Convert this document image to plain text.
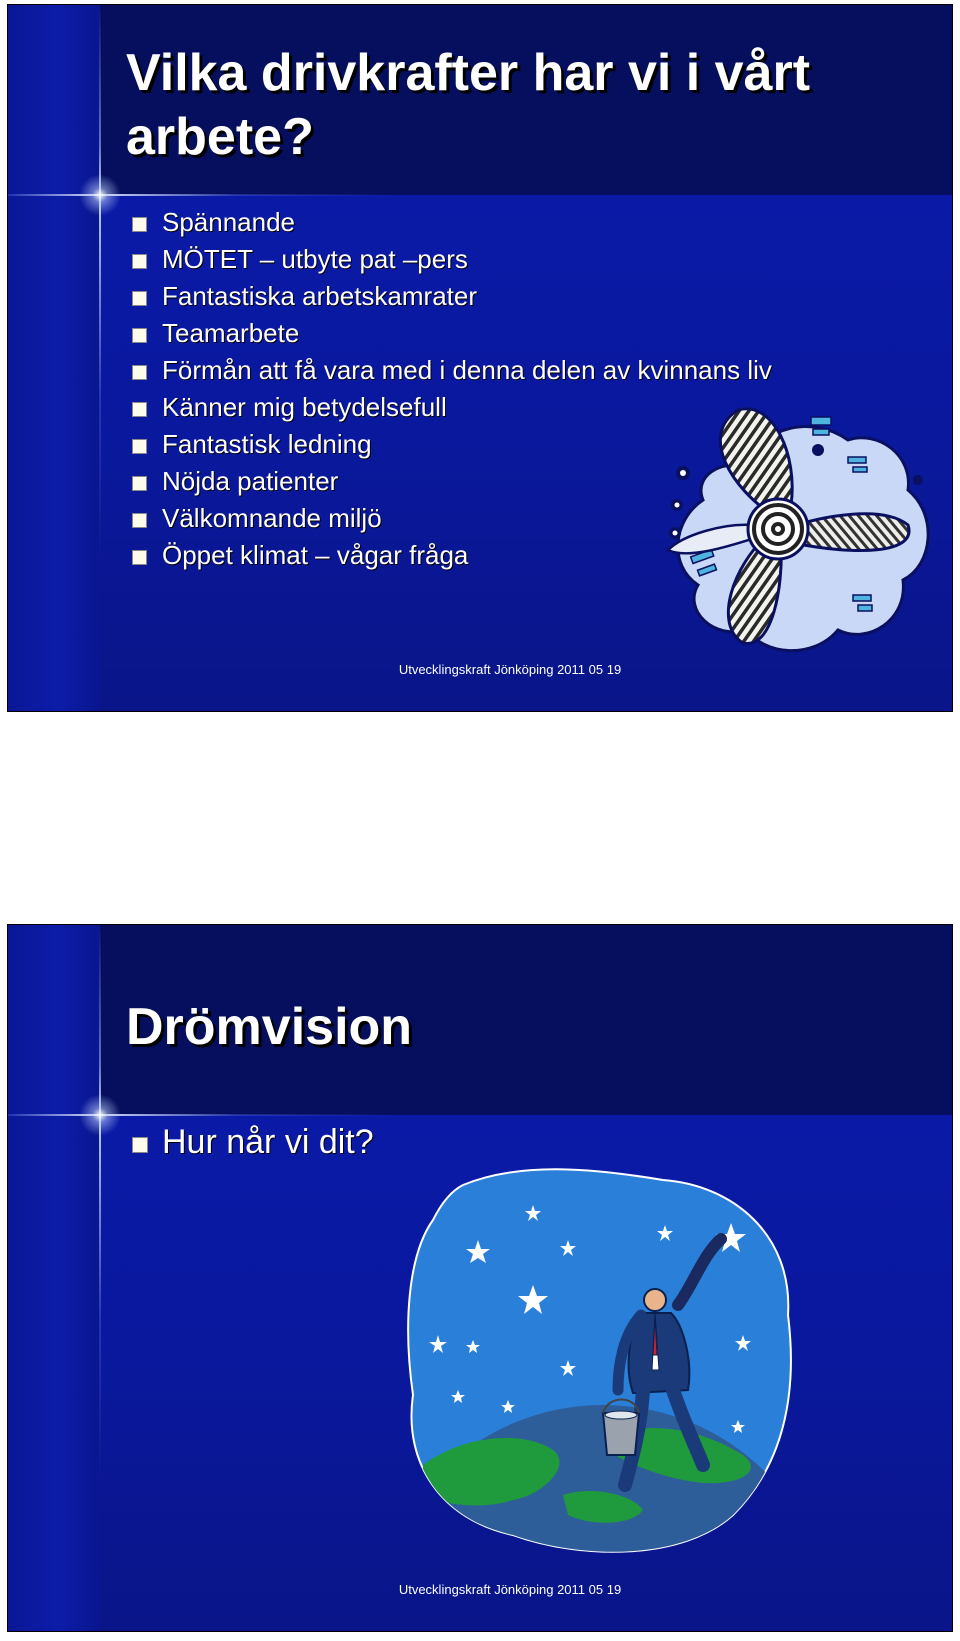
Vilka drivkrafter har vi i vårt arbete?
Spännande
MÖTET – utbyte pat –pers
Fantastiska arbetskamrater
Teamarbete
Förmån att få vara med i denna delen av kvinnans liv
Känner mig betydelsefull
Fantastisk ledning
Nöjda patienter
Välkomnande miljö
Öppet klimat – vågar fråga
Utvecklingskraft Jönköping 2011 05 19
Drömvision
Hur når vi dit?
Utvecklingskraft Jönköping 2011 05 19
